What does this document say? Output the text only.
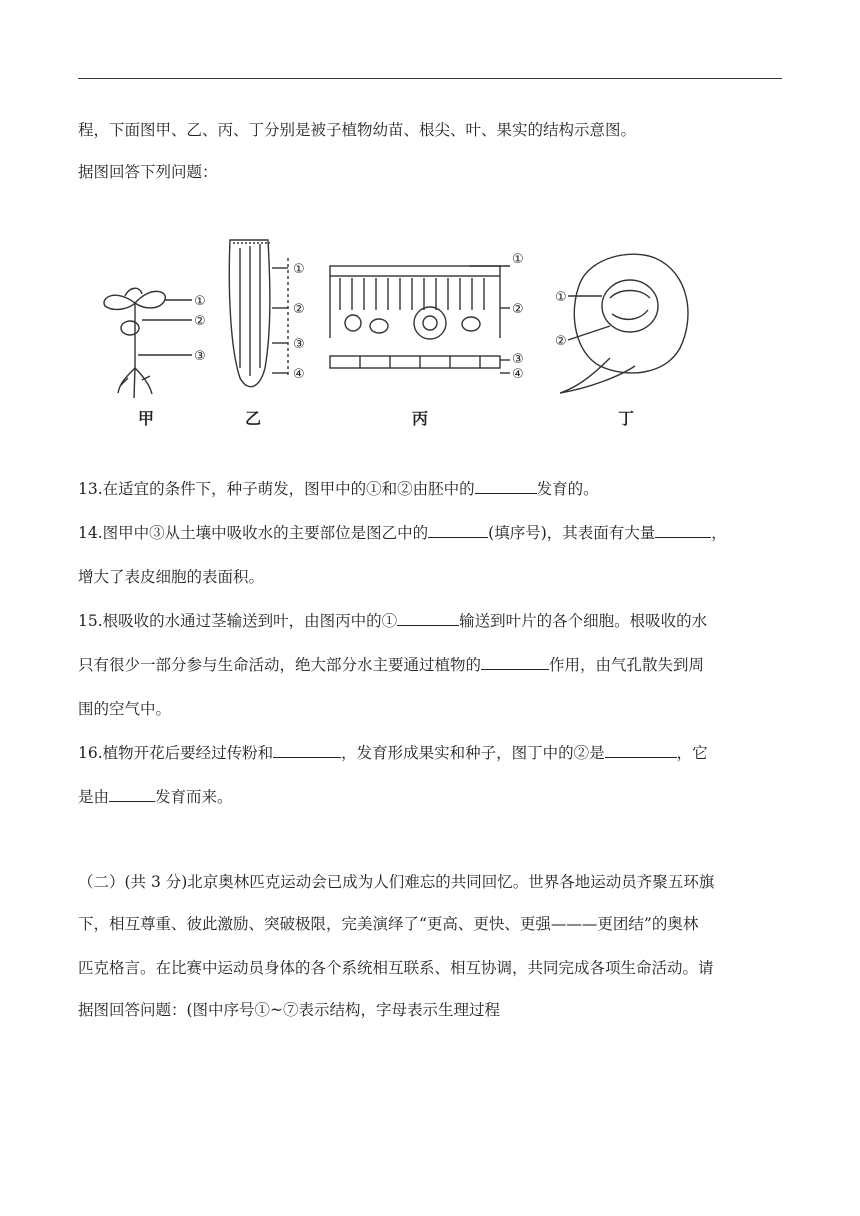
程，下面图甲、乙、丙、丁分别是被子植物幼苗、根尖、叶、果实的结构示意图。
据图回答下列问题：
①
②
③
①
②
③
④
①
②
③
④
①
②
甲	乙	丙	丁
13.在适宜的条件下，种子萌发，图甲中的①和②由胚中的	发育的。
14.图甲中③从土壤中吸收水的主要部位是图乙中的	(填序号)，其表面有大量	，
增大了表皮细胞的表面积。
15.根吸收的水通过茎输送到叶，由图丙中的①	输送到叶片的各个细胞。根吸收的水
只有很少一部分参与生命活动，绝大部分水主要通过植物的	作用，由气孔散失到周
围的空气中。
16.植物开花后要经过传粉和	，发育形成果实和种子，图丁中的②是	，它
是由	发育而来。
（二）(共 3 分)北京奥林匹克运动会已成为人们难忘的共同回忆。世界各地运动员齐聚五环旗
下，相互尊重、彼此激励、突破极限，完美演绎了“更高、更快、更强———更团结”的奥林
匹克格言。在比赛中运动员身体的各个系统相互联系、相互协调，共同完成各项生命活动。请
据图回答问题：(图中序号①~⑦表示结构，字母表示生理过程
